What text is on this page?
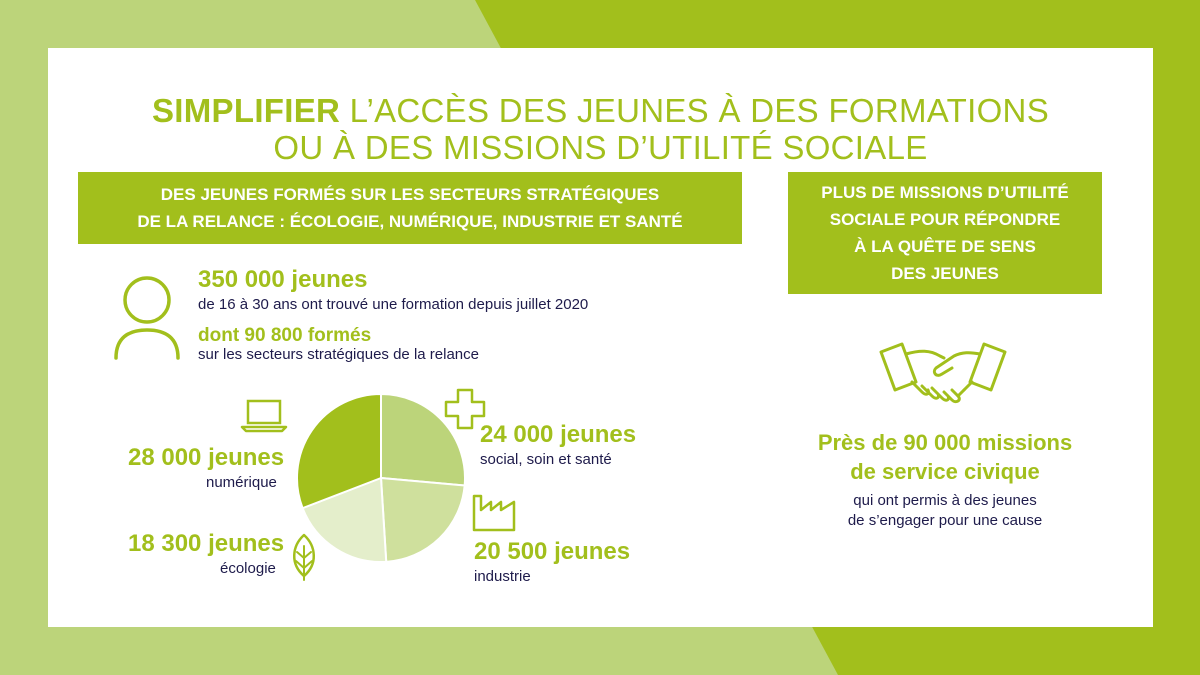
SIMPLIFIER L’ACCÈS DES JEUNES À DES FORMATIONS
OU À DES MISSIONS D’UTILITÉ SOCIALE
DES JEUNES FORMÉS SUR LES SECTEURS STRATÉGIQUES
DE LA RELANCE : ÉCOLOGIE, NUMÉRIQUE, INDUSTRIE ET SANTÉ
PLUS DE MISSIONS D’UTILITÉ
SOCIALE POUR RÉPONDRE
À LA QUÊTE DE SENS
DES JEUNES
350 000 jeunes
de 16 à 30 ans ont trouvé une formation depuis juillet 2020
dont 90 800 formés
sur les secteurs stratégiques de la relance
28 000 jeunes
numérique
24 000 jeunes
social, soin et santé
20 500 jeunes
industrie
18 300 jeunes
écologie
Près de 90 000 missions
de service civique
qui ont permis à des jeunes
de s’engager pour une cause
